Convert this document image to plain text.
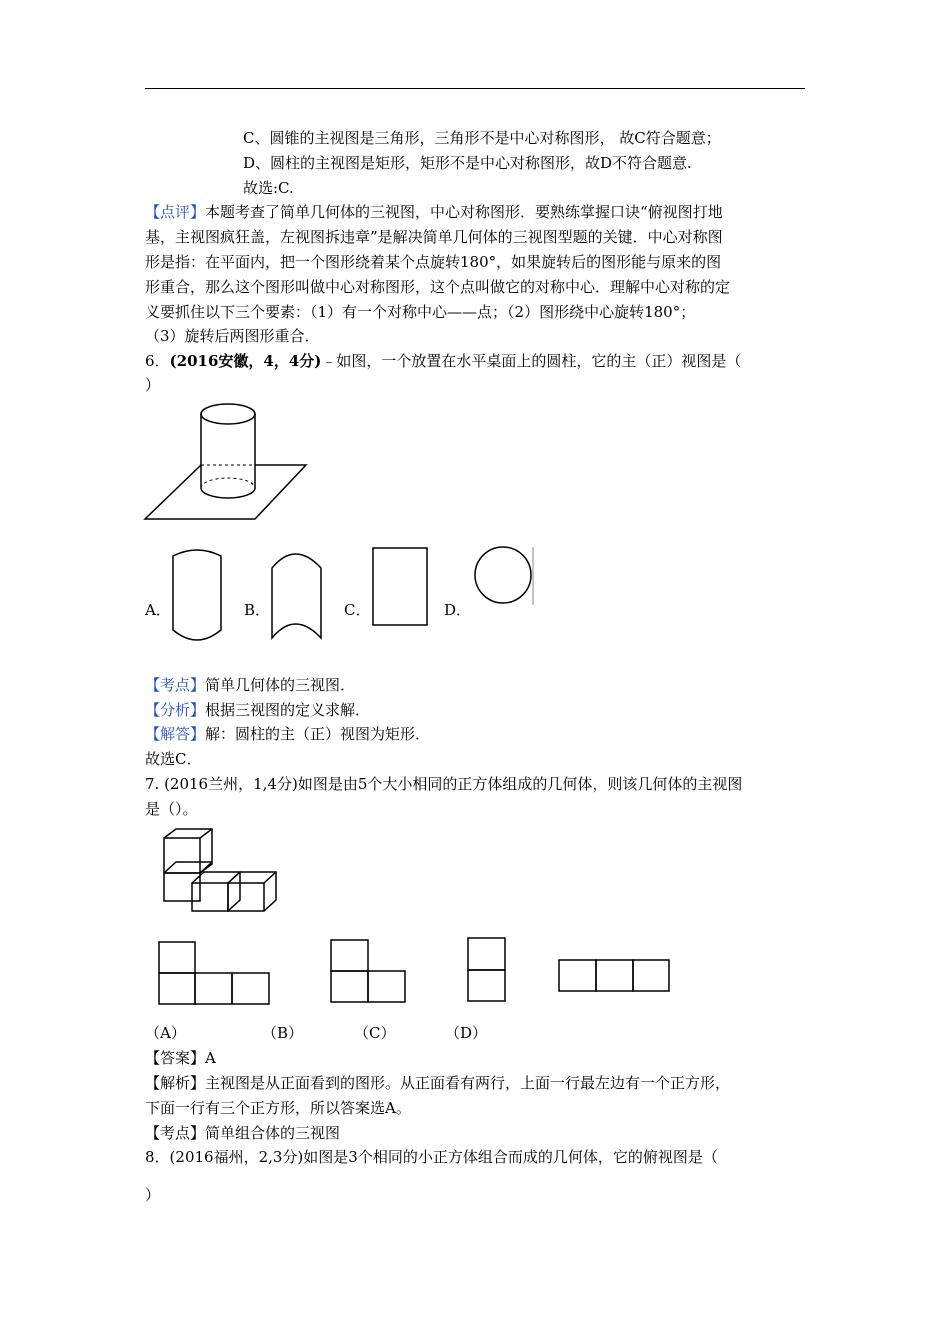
C、圆锥的主视图是三角形，三角形不是中心对称图形， 故C符合题意；
D、圆柱的主视图是矩形，矩形不是中心对称图形，故D不符合题意.
故选:C.
【点评】本题考查了简单几何体的三视图，中心对称图形．要熟练掌握口诀“俯视图打地
基，主视图疯狂盖，左视图拆违章”是解决简单几何体的三视图型题的关键．中心对称图
形是指：在平面内，把一个图形绕着某个点旋转180°，如果旋转后的图形能与原来的图
形重合，那么这个图形叫做中心对称图形，这个点叫做它的对称中心．理解中心对称的定
义要抓住以下三个要素：（1）有一个对称中心——点；（2）图形绕中心旋转180°；
（3）旋转后两图形重合．
6．(2016安徽，4，4分)﹣如图，一个放置在水平桌面上的圆柱，它的主（正）视图是（
）
A．	B．	C．	D．
【考点】简单几何体的三视图．
【分析】根据三视图的定义求解．
【解答】解：圆柱的主（正）视图为矩形．
故选C．
7. (2016兰州，1,4分)如图是由5个大小相同的正方体组成的几何体，则该几何体的主视图
是（）。
（A）	（B）	（C）	（D）
【答案】A
【解析】主视图是从正面看到的图形。从正面看有两行，上面一行最左边有一个正方形，
下面一行有三个正方形，所以答案选A。
【考点】简单组合体的三视图
8．(2016福州，2,3分)如图是3个相同的小正方体组合而成的几何体，它的俯视图是（
）
